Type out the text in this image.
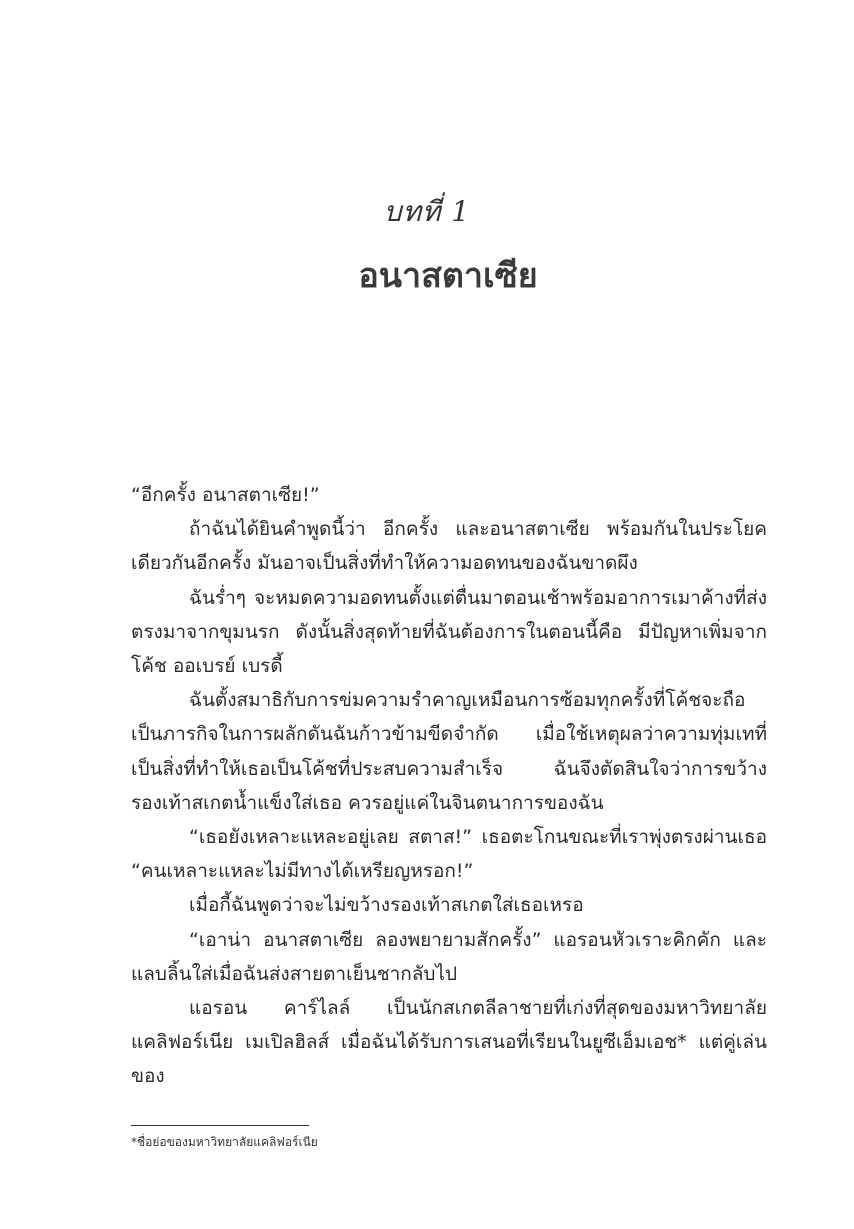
บทที่ 1
อนาสตาเซีย

“อีกครั้ง อนาสตาเซีย!”

ถ้าฉันได้ยินคำพูดนี้ว่า อีกครั้ง และอนาสตาเซีย พร้อมกันในประโยคเดียวกันอีกครั้ง มันอาจเป็นสิ่งที่ทำให้ความอดทนของฉันขาดผึง

ฉันร่ำๆ จะหมดความอดทนตั้งแต่ตื่นมาตอนเช้าพร้อมอาการเมาค้างที่ส่งตรงมาจากขุมนรก ดังนั้นสิ่งสุดท้ายที่ฉันต้องการในตอนนี้คือ มีปัญหาเพิ่มจากโค้ช ออเบรย์ เบรดี้

ฉันตั้งสมาธิกับการข่มความรำคาญเหมือนการซ้อมทุกครั้งที่โค้ชจะถือเป็นภารกิจในการผลักดันฉันก้าวข้ามขีดจำกัด เมื่อใช้เหตุผลว่าความทุ่มเทที่เป็นสิ่งที่ทำให้เธอเป็นโค้ชที่ประสบความสำเร็จ ฉันจึงตัดสินใจว่าการขว้างรองเท้าสเกตน้ำแข็งใส่เธอ ควรอยู่แค่ในจินตนาการของฉัน

“เธอยังเหลาะแหละอยู่เลย สตาส!” เธอตะโกนขณะที่เราพุ่งตรงผ่านเธอ “คนเหลาะแหละไม่มีทางได้เหรียญหรอก!”

เมื่อกี้ฉันพูดว่าจะไม่ขว้างรองเท้าสเกตใส่เธอเหรอ

“เอาน่า อนาสตาเซีย ลองพยายามสักครั้ง” แอรอนหัวเราะคิกคัก และแลบลิ้นใส่เมื่อฉันส่งสายตาเย็นชากลับไป

แอรอน คาร์ไลล์ เป็นนักสเกตลีลาชายที่เก่งที่สุดของมหาวิทยาลัยแคลิฟอร์เนีย เมเปิลฮิลส์ เมื่อฉันได้รับการเสนอที่เรียนในยูซีเอ็มเอช* แต่คู่เล่นของ

*ชื่อย่อของมหาวิทยาลัยแคลิฟอร์เนีย
